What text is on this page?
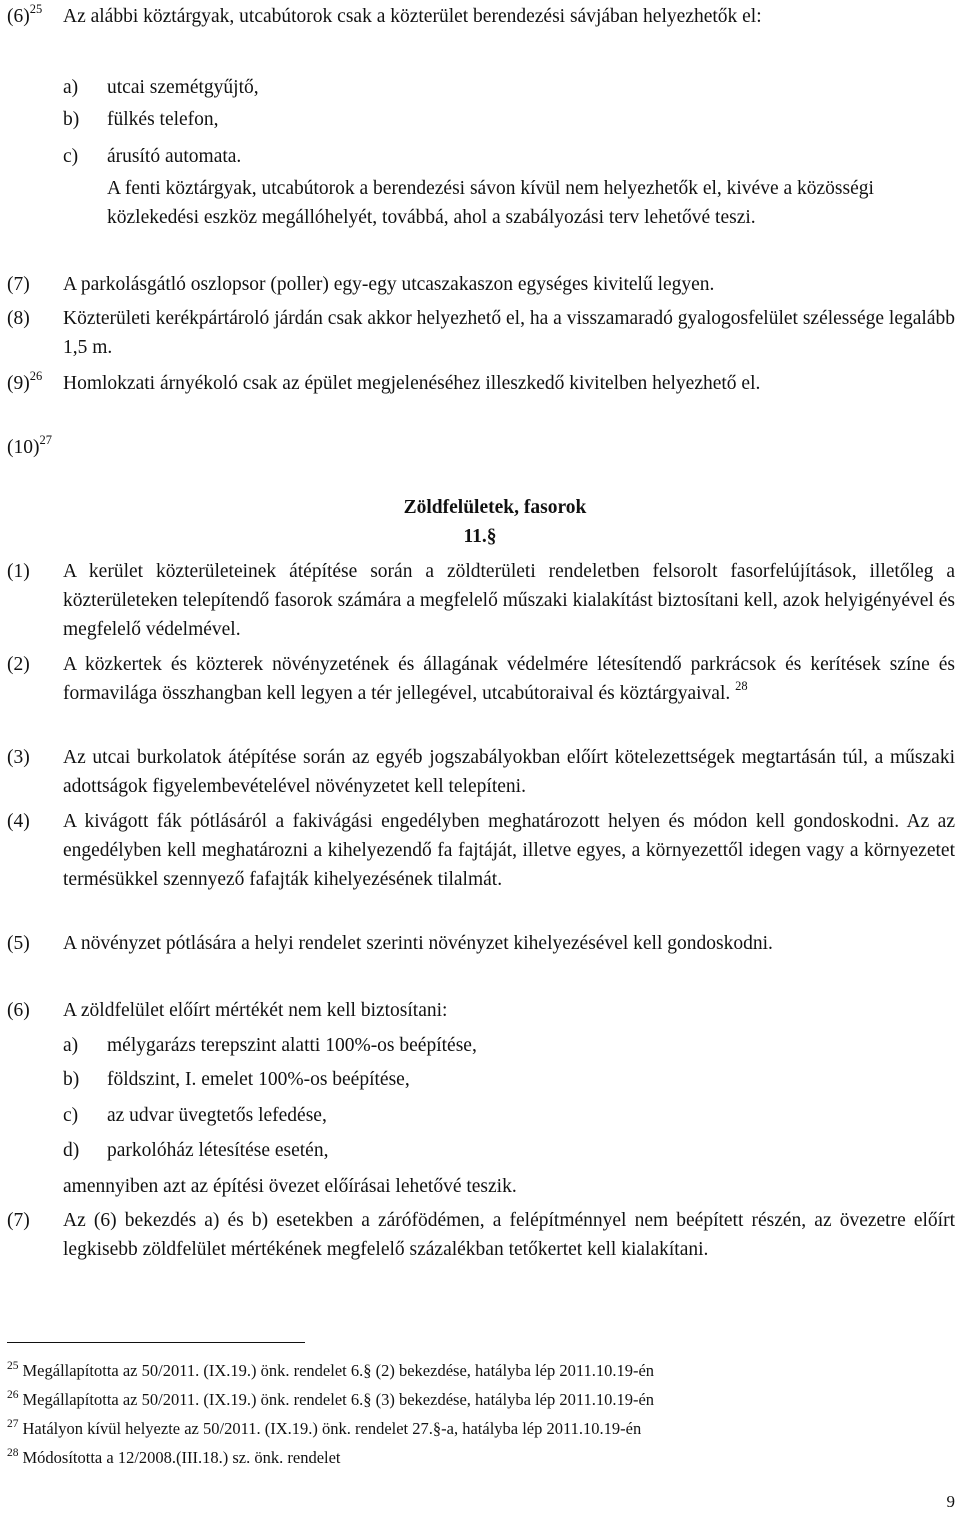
$(6)^{25}$ Az alábbi köztárgyak, utcabútorok csak a közterület berendezési sávjában helyezhetők el:
a) utcai szemétgyűjtő,
b) fülkés telefon,
c) árusító automata.
A fenti köztárgyak, utcabútorok a berendezési sávon kívül nem helyezhetők el, kivéve a közösségi közlekedési eszköz megállóhelyét, továbbá, ahol a szabályozási terv lehetővé teszi.
(7) A parkolásgátló oszlopsor (poller) egy-egy utcaszakaszon egységes kivitelű legyen.
(8) Közterületi kerékpártároló járdán csak akkor helyezhető el, ha a visszamaradó gyalogosfelület szélessége legalább 1,5 m.
$(9)^{26}$ Homlokzati árnyékoló csak az épület megjelenéséhez illeszkedő kivitelben helyezhető el.
$(10)^{27}$
Zöldfelületek, fasorok
11.§
(1)	A kerület közterületeinek átépítése során a zöldterületi rendeletben felsorolt fasorfelújítások, illetőleg a közterületeken telepítendő fasorok számára a megfelelő műszaki kialakítást biztosítani kell, azok helyigényével és megfelelő védelmével.
(2) A közkertek és közterek növényzetének és állagának védelmére létesítendő parkrácsok és kerítések színe és formavilága összhangban kell legyen a tér jellegével, utcabútoraival és köztárgyaival. $^{28}$
(3) Az utcai burkolatok átépítése során az egyéb jogszabályokban előírt kötelezettségek megtartásán túl, a műszaki adottságok figyelembevételével növényzetet kell telepíteni.
(4) A kivágott fák pótlásáról a fakivágási engedélyben meghatározott helyen és módon kell gondoskodni. Az az engedélyben kell meghatározni a kihelyezendő fa fajtáját, illetve egyes, a környezettől idegen vagy a környezetet termésükkel szennyező fafajták kihelyezésének tilalmát.
(5) A növényzet pótlására a helyi rendelet szerinti növényzet kihelyezésével kell gondoskodni.
(6) A zöldfelület előírt mértékét nem kell biztosítani:
a) mélygarázs terepszint alatti 100%-os beépítése,
b) földszint, I. emelet 100%-os beépítése,
c) az udvar üvegtetős lefedése,
d) parkolóház létesítése esetén,
amennyiben azt az építési övezet előírásai lehetővé teszik.
(7) Az (6) bekezdés a) és b) esetekben a zárófödémen, a felépítménnyel nem beépített részén, az övezetre előírt legkisebb zöldfelület mértékének megfelelő százalékban tetőkertet kell kialakítani.
$^{25}$ Megállapította az 50/2011. (IX.19.) önk. rendelet 6.§ (2) bekezdése, hatályba lép 2011.10.19-én
$^{26}$ Megállapította az 50/2011. (IX.19.) önk. rendelet 6.§ (3) bekezdése, hatályba lép 2011.10.19-én
$^{27}$ Hatályon kívül helyezte az 50/2011. (IX.19.) önk. rendelet 27.§-a, hatályba lép 2011.10.19-én
$^{28}$ Módosította a 12/2008.(III.18.) sz. önk. rendelet
9
